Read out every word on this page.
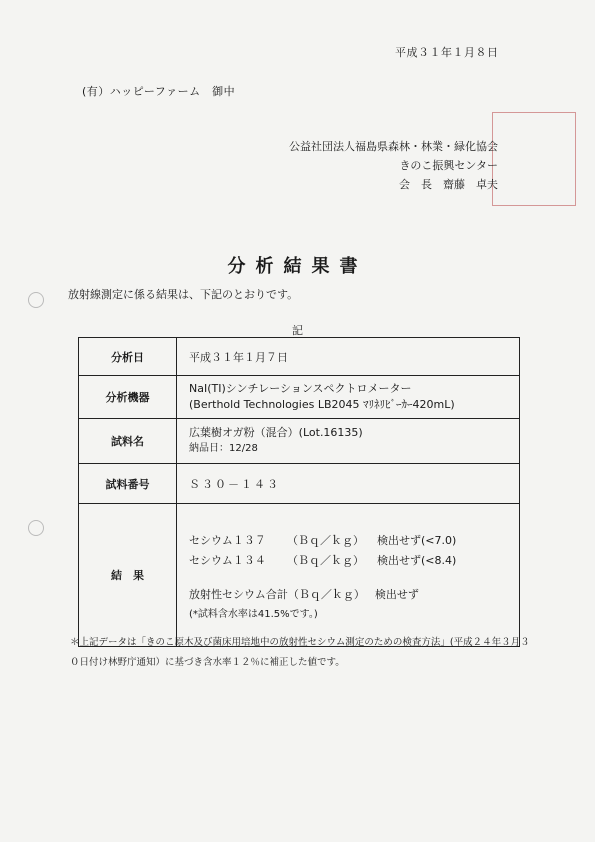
平成３１年１月８日
(有）ハッピーファーム　御中
公益社団法人福島県森林・林業・緑化協会
きのこ振興センター
会　長　齋藤　卓夫
分析結果書
放射線測定に係る結果は、下記のとおりです。
記
分析日	平成３１年１月７日
分析機器	NaI(TI)シンチレーションスペクトロメーター
(Berthold Technologies LB2045 ﾏﾘﾈﾘﾋﾞｰｶｰ420mL)

試料名	広葉樹オガ粉（混合）(Lot.16135)
納品日：12/28

試料番号	Ｓ３０－１４３
結　果	セシウム１３７ （Ｂｑ／ｋｇ） 検出せず(<7.0)
セシウム１３４ （Ｂｑ／ｋｇ） 検出せず(<8.4)
放射性セシウム合計（Ｂｑ／ｋｇ） 検出せず
(*試料含水率は41.5%です。)
＊上記データは「きのこ原木及び菌床用培地中の放射性セシウム測定のための検査方法」(平成２４年３月３０日付け林野庁通知）に基づき含水率１２％に補正した値です。
